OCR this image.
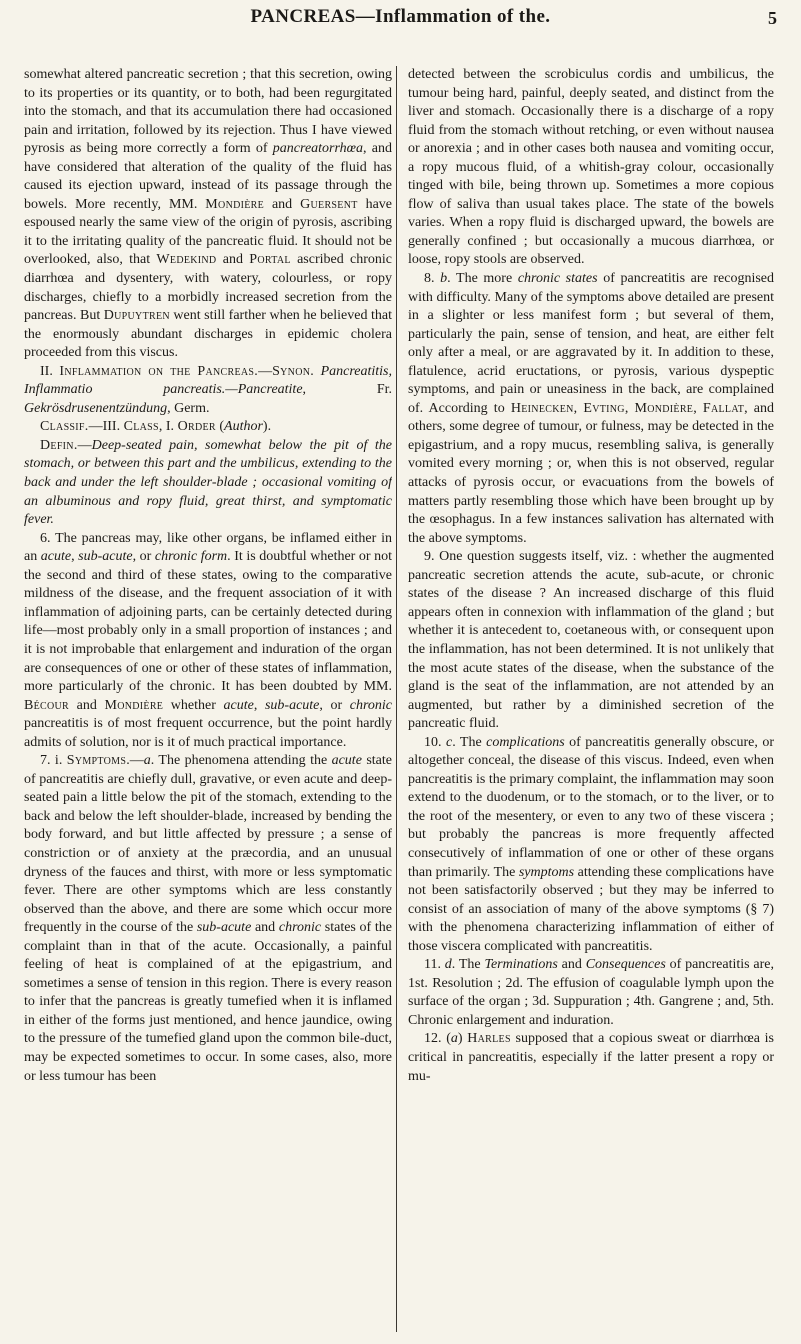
PANCREAS—Inflammation of the.	5

somewhat altered pancreatic secretion ; that this secretion, owing to its properties or its quantity, or to both, had been regurgitated into the stomach, and that its accumulation there had occasioned pain and irritation, followed by its rejection. Thus I have viewed pyrosis as being more correctly a form of pancreatorrhœa, and have considered that alteration of the quality of the fluid has caused its ejection upward, instead of its passage through the bowels. More recently, MM. Mondière and Guersent have espoused nearly the same view of the origin of pyrosis, ascribing it to the irritating quality of the pancreatic fluid. It should not be overlooked, also, that Wedekind and Portal ascribed chronic diarrhœa and dysentery, with watery, colourless, or ropy discharges, chiefly to a morbidly increased secretion from the pancreas. But Dupuytren went still farther when he believed that the enormously abundant discharges in epidemic cholera proceeded from this viscus.

II. Inflammation on the Pancreas.—Synon. Pancreatitis, Inflammatio pancreatis.—Pancreatite, Fr. Gekrösdrusenentzündung, Germ.

Classif.—III. Class, I. Order (Author).

Defin.—Deep-seated pain, somewhat below the pit of the stomach, or between this part and the umbilicus, extending to the back and under the left shoulder-blade ; occasional vomiting of an albuminous and ropy fluid, great thirst, and symptomatic fever.

6. The pancreas may, like other organs, be inflamed either in an acute, sub-acute, or chronic form. It is doubtful whether or not the second and third of these states, owing to the comparative mildness of the disease, and the frequent association of it with inflammation of adjoining parts, can be certainly detected during life—most probably only in a small proportion of instances ; and it is not improbable that enlargement and induration of the organ are consequences of one or other of these states of inflammation, more particularly of the chronic. It has been doubted by MM. Bécour and Mondière whether acute, sub-acute, or chronic pancreatitis is of most frequent occurrence, but the point hardly admits of solution, nor is it of much practical importance.

7. i. Symptoms.—a. The phenomena attending the acute state of pancreatitis are chiefly dull, gravative, or even acute and deep-seated pain a little below the pit of the stomach, extending to the back and below the left shoulder-blade, increased by bending the body forward, and but little affected by pressure ; a sense of constriction or of anxiety at the præcordia, and an unusual dryness of the fauces and thirst, with more or less symptomatic fever. There are other symptoms which are less constantly observed than the above, and there are some which occur more frequently in the course of the sub-acute and chronic states of the complaint than in that of the acute. Occasionally, a painful feeling of heat is complained of at the epigastrium, and sometimes a sense of tension in this region. There is every reason to infer that the pancreas is greatly tumefied when it is inflamed in either of the forms just mentioned, and hence jaundice, owing to the pressure of the tumefied gland upon the common bile-duct, may be expected sometimes to occur. In some cases, also, more or less tumour has been

detected between the scrobiculus cordis and umbilicus, the tumour being hard, painful, deeply seated, and distinct from the liver and stomach. Occasionally there is a discharge of a ropy fluid from the stomach without retching, or even without nausea or anorexia ; and in other cases both nausea and vomiting occur, a ropy mucous fluid, of a whitish-gray colour, occasionally tinged with bile, being thrown up. Sometimes a more copious flow of saliva than usual takes place. The state of the bowels varies. When a ropy fluid is discharged upward, the bowels are generally confined ; but occasionally a mucous diarrhœa, or loose, ropy stools are observed.

8. b. The more chronic states of pancreatitis are recognised with difficulty. Many of the symptoms above detailed are present in a slighter or less manifest form ; but several of them, particularly the pain, sense of tension, and heat, are either felt only after a meal, or are aggravated by it. In addition to these, flatulence, acrid eructations, or pyrosis, various dyspeptic symptoms, and pain or uneasiness in the back, are complained of. According to Heinecken, Evting, Mondière, Fallat, and others, some degree of tumour, or fulness, may be detected in the epigastrium, and a ropy mucus, resembling saliva, is generally vomited every morning ; or, when this is not observed, regular attacks of pyrosis occur, or evacuations from the bowels of matters partly resembling those which have been brought up by the œsophagus. In a few instances salivation has alternated with the above symptoms.

9. One question suggests itself, viz. : whether the augmented pancreatic secretion attends the acute, sub-acute, or chronic states of the disease ? An increased discharge of this fluid appears often in connexion with inflammation of the gland ; but whether it is antecedent to, coetaneous with, or consequent upon the inflammation, has not been determined. It is not unlikely that the most acute states of the disease, when the substance of the gland is the seat of the inflammation, are not attended by an augmented, but rather by a diminished secretion of the pancreatic fluid.

10. c. The complications of pancreatitis generally obscure, or altogether conceal, the disease of this viscus. Indeed, even when pancreatitis is the primary complaint, the inflammation may soon extend to the duodenum, or to the stomach, or to the liver, or to the root of the mesentery, or even to any two of these viscera ; but probably the pancreas is more frequently affected consecutively of inflammation of one or other of these organs than primarily. The symptoms attending these complications have not been satisfactorily observed ; but they may be inferred to consist of an association of many of the above symptoms (§ 7) with the phenomena characterizing inflammation of either of those viscera complicated with pancreatitis.

11. d. The Terminations and Consequences of pancreatitis are, 1st. Resolution ; 2d. The effusion of coagulable lymph upon the surface of the organ ; 3d. Suppuration ; 4th. Gangrene ; and, 5th. Chronic enlargement and induration.

12. (a) Harles supposed that a copious sweat or diarrhœa is critical in pancreatitis, especially if the latter present a ropy or mu-
